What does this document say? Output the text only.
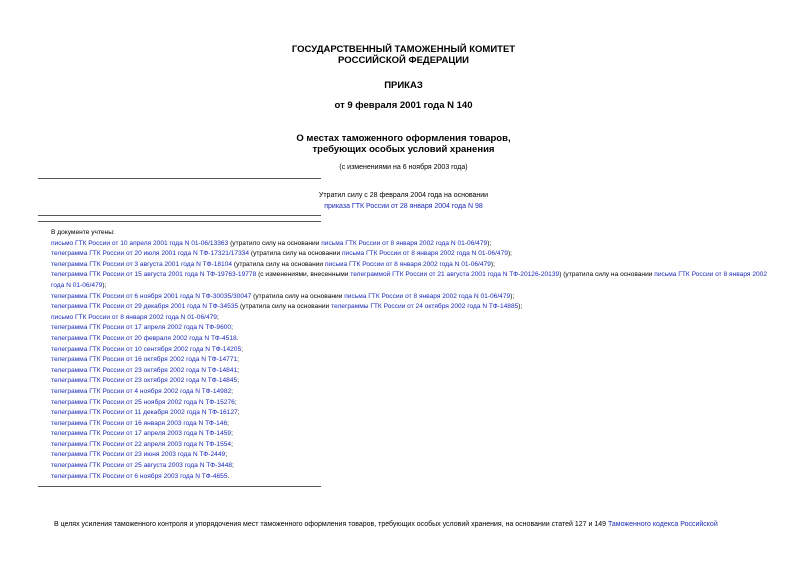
ГОСУДАРСТВЕННЫЙ ТАМОЖЕННЫЙ КОМИТЕТ
РОССИЙСКОЙ ФЕДЕРАЦИИ
ПРИКАЗ
от 9 февраля 2001 года N 140
О местах таможенного оформления товаров,
требующих особых условий хранения
(с изменениями на 6 ноября 2003 года)
Утратил силу с 28 февраля 2004 года на основании
приказа ГТК России от 28 января 2004 года N 98
В документе учтены:
письмо ГТК России от 10 апреля 2001 года N 01-06/13363 (утратило силу на основании письма ГТК России от 8 января 2002 года N 01-06/479);
телеграмма ГТК России от 20 июля 2001 года N ТФ-17321/17334 (утратила силу на основании письма ГТК России от 8 января 2002 года N 01-06/479);
телеграмма ГТК России от 3 августа 2001 года N ТФ-18104 (утратила силу на основании письма ГТК России от 8 января 2002 года N 01-06/479);
телеграмма ГТК России от 15 августа 2001 года N ТФ-19763-19778 (с изменениями, внесенными телеграммой ГТК России от 21 августа 2001 года N ТФ-20126-20139) (утратила силу на основании письма ГТК России от 8 января 2002 года N 01-06/479);
телеграмма ГТК России от 6 ноября 2001 года N ТФ-30035/30047 (утратила силу на основании письма ГТК России от 8 января 2002 года N 01-06/479);
телеграмма ГТК России от 29 декабря 2001 года N ТФ-34535 (утратила силу на основании телеграммы ГТК России от 24 октября 2002 года N ТФ-14885);
письмо ГТК России от 8 января 2002 года N 01-06/479;
телеграмма ГТК России от 17 апреля 2002 года N ТФ-9600;
телеграмма ГТК России от 20 февраля 2002 года N ТФ-4518.
телеграмма ГТК России от 10 сентября 2002 года N ТФ-14205;
телеграмма ГТК России от 16 октября 2002 года N ТФ-14771;
телеграмма ГТК России от 23 октября 2002 года N ТФ-14841;
телеграмма ГТК России от 23 октября 2002 года N ТФ-14845;
телеграмма ГТК России от 4 ноября 2002 года N ТФ-14982;
телеграмма ГТК России от 25 ноября 2002 года N ТФ-15276;
телеграмма ГТК России от 11 декабря 2002 года N ТФ-16127;
телеграмма ГТК России от 16 января 2003 года N ТФ-146;
телеграмма ГТК России от 17 апреля 2003 года N ТФ-1459;
телеграмма ГТК России от 22 апреля 2003 года N ТФ-1554;
телеграмма ГТК России от 23 июня 2003 года N ТФ-2449;
телеграмма ГТК России от 25 августа 2003 года N ТФ-3448;
телеграмма ГТК России от 6 ноября 2003 года N ТФ-4655.
В целях усиления таможенного контроля и упорядочения мест таможенного оформления товаров, требующих особых условий хранения, на основании статей 127 и 149 Таможенного кодекса Российской
